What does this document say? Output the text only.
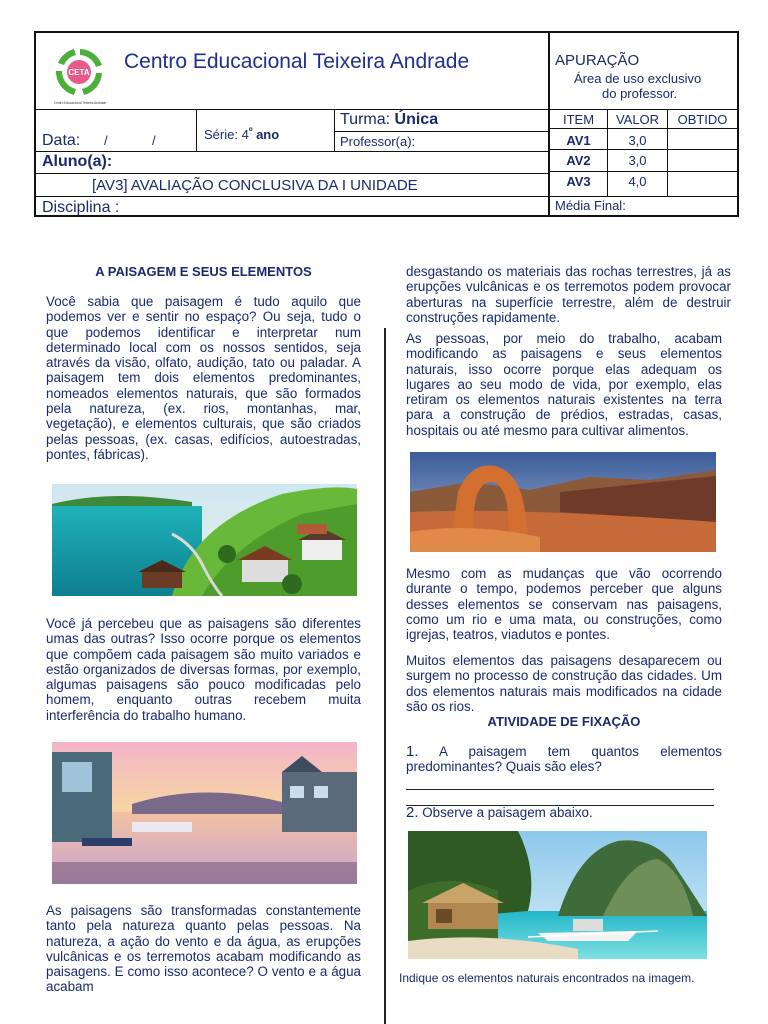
CETA
Centro Educacional Teixeira Andrade
Centro Educacional Teixeira Andrade	APURAÇÃO
Área de uso exclusivo
do professor.
Data: /	/	Série: $4^º$ ano
Turma: Única
Professor(a):
ITEM	VALOR	OBTIDO
AV1	3,0
AV2	3,0
AV3	4,0
Aluno(a):
[AV3] AVALIAÇÃO CONCLUSIVA DA I UNIDADE
Disciplina :	Média Final:
A PAISAGEM E SEUS ELEMENTOS
Você sabia que paisagem é tudo aquilo que podemos ver e sentir no espaço? Ou seja, tudo o que podemos identificar e interpretar num determinado local com os nossos sentidos, seja através da visão, olfato, audição, tato ou paladar. A paisagem tem dois elementos predominantes, nomeados elementos naturais, que são formados pela natureza, (ex. rios, montanhas, mar, vegetação), e elementos culturais, que são criados pelas pessoas, (ex. casas, edifícios, autoestradas, pontes, fábricas).
Você já percebeu que as paisagens são diferentes umas das outras? Isso ocorre porque os elementos que compõem cada paisagem são muito variados e estão organizados de diversas formas, por exemplo, algumas paisagens são pouco modificadas pelo homem, enquanto outras recebem muita interferência do trabalho humano.
As paisagens são transformadas constantemente tanto pela natureza quanto pelas pessoas. Na natureza, a ação do vento e da água, as erupções vulcânicas e os terremotos acabam modificando as paisagens. E como isso acontece? O vento e a água acabam
desgastando os materiais das rochas terrestres, já as erupções vulcânicas e os terremotos podem provocar aberturas na superfície terrestre, além de destruir construções rapidamente.
As pessoas, por meio do trabalho, acabam modificando as paisagens e seus elementos naturais, isso ocorre porque elas adequam os lugares ao seu modo de vida, por exemplo, elas retiram os elementos naturais existentes na terra para a construção de prédios, estradas, casas, hospitais ou até mesmo para cultivar alimentos.
Mesmo com as mudanças que vão ocorrendo durante o tempo, podemos perceber que alguns desses elementos se conservam nas paisagens, como um rio e uma mata, ou construções, como igrejas, teatros, viadutos e pontes.
Muitos elementos das paisagens desaparecem ou surgem no processo de construção das cidades. Um dos elementos naturais mais modificados na cidade são os rios.
ATIVIDADE DE FIXAÇÃO
1. A paisagem tem quantos elementos predominantes? Quais são eles?
2. Observe a paisagem abaixo.
Indique os elementos naturais encontrados na imagem.
